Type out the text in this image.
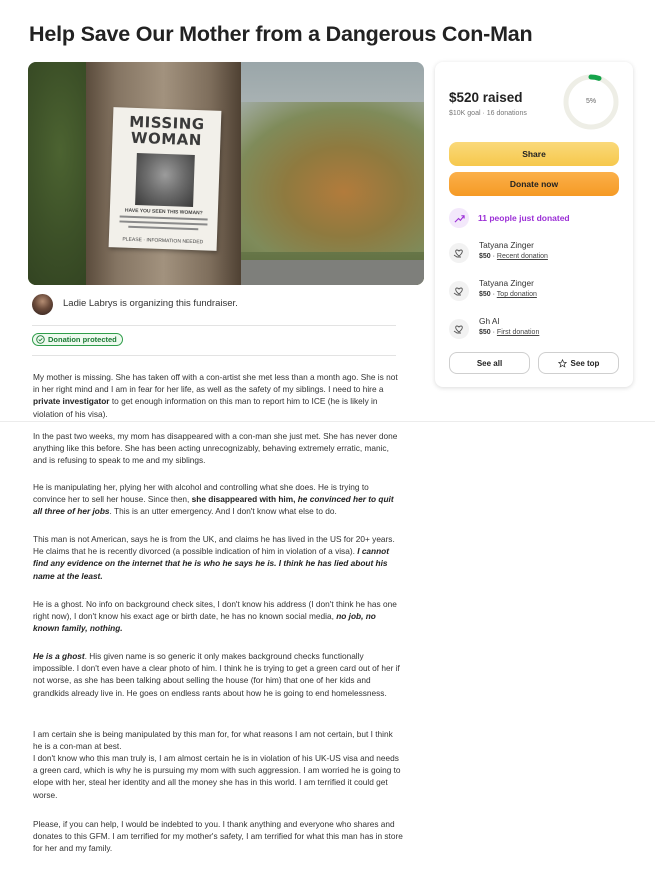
Help Save Our Mother from a Dangerous Con-Man
MISSING WOMAN
HAVE YOU SEEN THIS WOMAN?
PLEASE · INFORMATION NEEDED
Ladie Labrys is organizing this fundraiser.
Donation protected

My mother is missing. She has taken off with a con-artist she met less than a month ago. She is not in her right mind and I am in fear for her life, as well as the safety of my siblings. I need to hire a private investigator to get enough information on this man to report him to ICE (he is likely in violation of his visa).

In the past two weeks, my mom has disappeared with a con-man she just met. She has never done anything like this before. She has been acting unrecognizably, behaving extremely erratic, manic, and is refusing to speak to me and my siblings.

He is manipulating her, plying her with alcohol and controlling what she does. He is trying to convince her to sell her house. Since then, she disappeared with him, he convinced her to quit all three of her jobs. This is an utter emergency. And I don't know what else to do.

This man is not American, says he is from the UK, and claims he has lived in the US for 20+ years. He claims that he is recently divorced (a possible indication of him in violation of a visa). I cannot find any evidence on the internet that he is who he says he is. I think he has lied about his name at the least.

He is a ghost. No info on background check sites, I don't know his address (I don't think he has one right now), I don't know his exact age or birth date, he has no known social media, no job, no known family, nothing.

He is a ghost. His given name is so generic it only makes background checks functionally impossible. I don't even have a clear photo of him. I think he is trying to get a green card out of her if not worse, as she has been talking about selling the house (for him) that one of her kids and grandkids already live in. He goes on endless rants about how he is going to end homelessness.

I am certain she is being manipulated by this man for, for what reasons I am not certain, but I think he is a con-man at best.

I don't know who this man truly is, I am almost certain he is in violation of his UK-US visa and needs a green card, which is why he is pursuing my mom with such aggression. I am worried he is going to elope with her, steal her identity and all the money she has in this world. I am terrified it could get worse.

Please, if you can help, I would be indebted to you. I thank anything and everyone who shares and donates to this GFM. I am terrified for my mother's safety, I am terrified for what this man has in store for her and my family.

$520 raised
$10K goal · 16 donations
5%
Share
Donate now
11 people just donated
Tatyana Zinger
$50 · Recent donation
Tatyana Zinger
$50 · Top donation
Gh Al
$50 · First donation
See all	See top
